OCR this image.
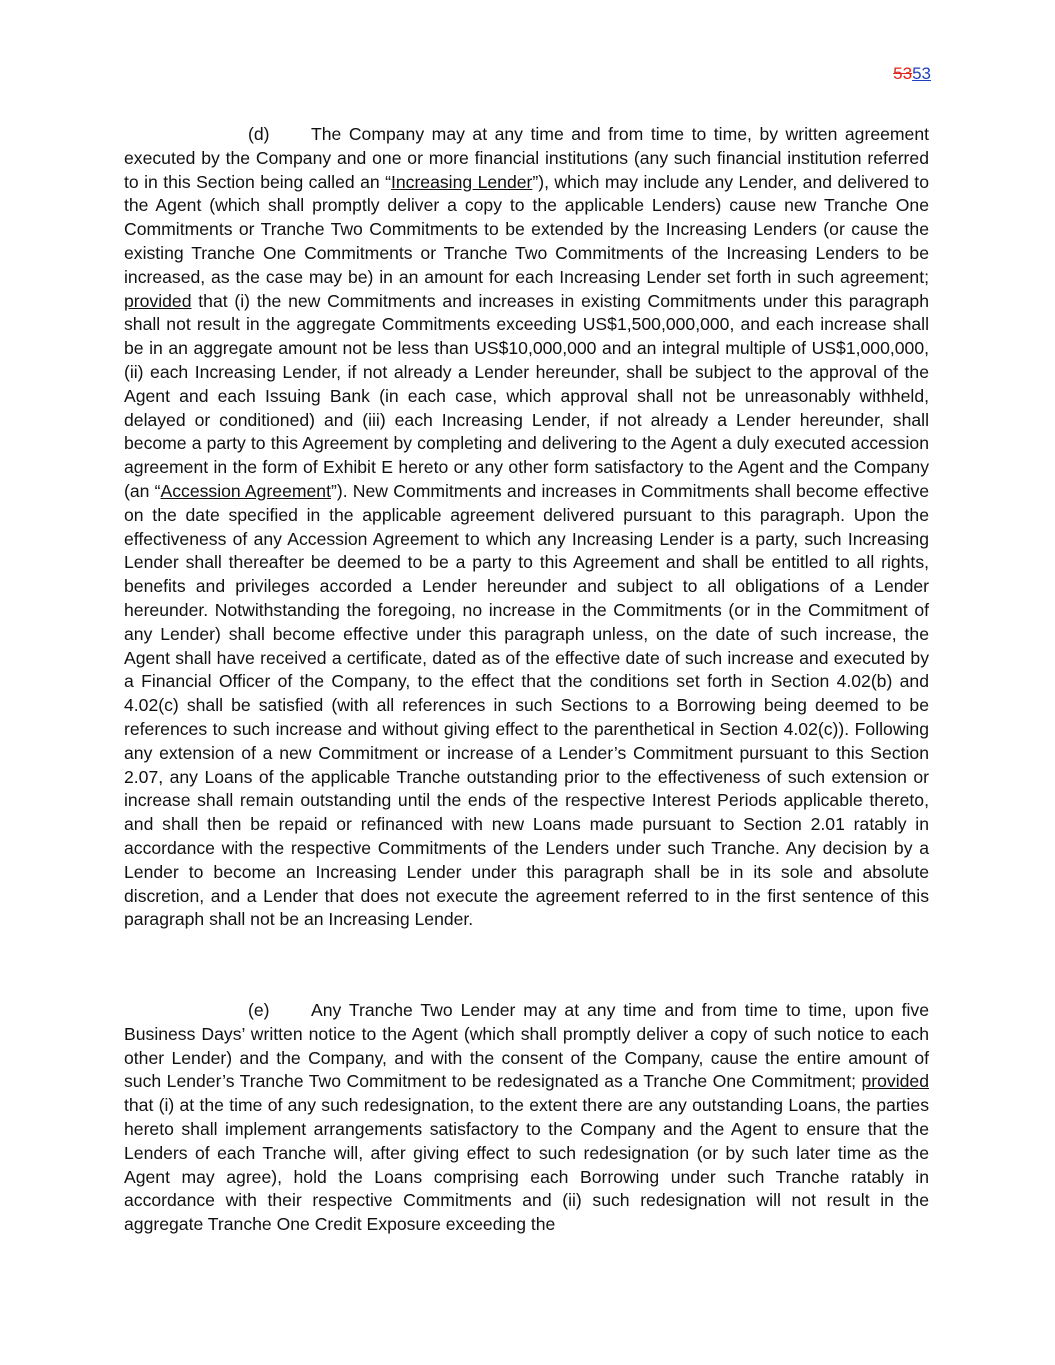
5353

(d) The Company may at any time and from time to time, by written agreement executed by the Company and one or more financial institutions (any such financial institution referred to in this Section being called an “Increasing Lender”), which may include any Lender, and delivered to the Agent (which shall promptly deliver a copy to the applicable Lenders) cause new Tranche One Commitments or Tranche Two Commitments to be extended by the Increasing Lenders (or cause the existing Tranche One Commitments or Tranche Two Commitments of the Increasing Lenders to be increased, as the case may be) in an amount for each Increasing Lender set forth in such agreement; provided that (i) the new Commitments and increases in existing Commitments under this paragraph shall not result in the aggregate Commitments exceeding US$1,500,000,000, and each increase shall be in an aggregate amount not be less than US$10,000,000 and an integral multiple of US$1,000,000, (ii) each Increasing Lender, if not already a Lender hereunder, shall be subject to the approval of the Agent and each Issuing Bank (in each case, which approval shall not be unreasonably withheld, delayed or conditioned) and (iii) each Increasing Lender, if not already a Lender hereunder, shall become a party to this Agreement by completing and delivering to the Agent a duly executed accession agreement in the form of Exhibit E hereto or any other form satisfactory to the Agent and the Company (an “Accession Agreement”). New Commitments and increases in Commitments shall become effective on the date specified in the applicable agreement delivered pursuant to this paragraph. Upon the effectiveness of any Accession Agreement to which any Increasing Lender is a party, such Increasing Lender shall thereafter be deemed to be a party to this Agreement and shall be entitled to all rights, benefits and privileges accorded a Lender hereunder and subject to all obligations of a Lender hereunder. Notwithstanding the foregoing, no increase in the Commitments (or in the Commitment of any Lender) shall become effective under this paragraph unless, on the date of such increase, the Agent shall have received a certificate, dated as of the effective date of such increase and executed by a Financial Officer of the Company, to the effect that the conditions set forth in Section 4.02(b) and 4.02(c) shall be satisfied (with all references in such Sections to a Borrowing being deemed to be references to such increase and without giving effect to the parenthetical in Section 4.02(c)). Following any extension of a new Commitment or increase of a Lender’s Commitment pursuant to this Section 2.07, any Loans of the applicable Tranche outstanding prior to the effectiveness of such extension or increase shall remain outstanding until the ends of the respective Interest Periods applicable thereto, and shall then be repaid or refinanced with new Loans made pursuant to Section 2.01 ratably in accordance with the respective Commitments of the Lenders under such Tranche. Any decision by a Lender to become an Increasing Lender under this paragraph shall be in its sole and absolute discretion, and a Lender that does not execute the agreement referred to in the first sentence of this paragraph shall not be an Increasing Lender.

(e) Any Tranche Two Lender may at any time and from time to time, upon five Business Days’ written notice to the Agent (which shall promptly deliver a copy of such notice to each other Lender) and the Company, and with the consent of the Company, cause the entire amount of such Lender’s Tranche Two Commitment to be redesignated as a Tranche One Commitment; provided that (i) at the time of any such redesignation, to the extent there are any outstanding Loans, the parties hereto shall implement arrangements satisfactory to the Company and the Agent to ensure that the Lenders of each Tranche will, after giving effect to such redesignation (or by such later time as the Agent may agree), hold the Loans comprising each Borrowing under such Tranche ratably in accordance with their respective Commitments and (ii) such redesignation will not result in the aggregate Tranche One Credit Exposure exceeding the
